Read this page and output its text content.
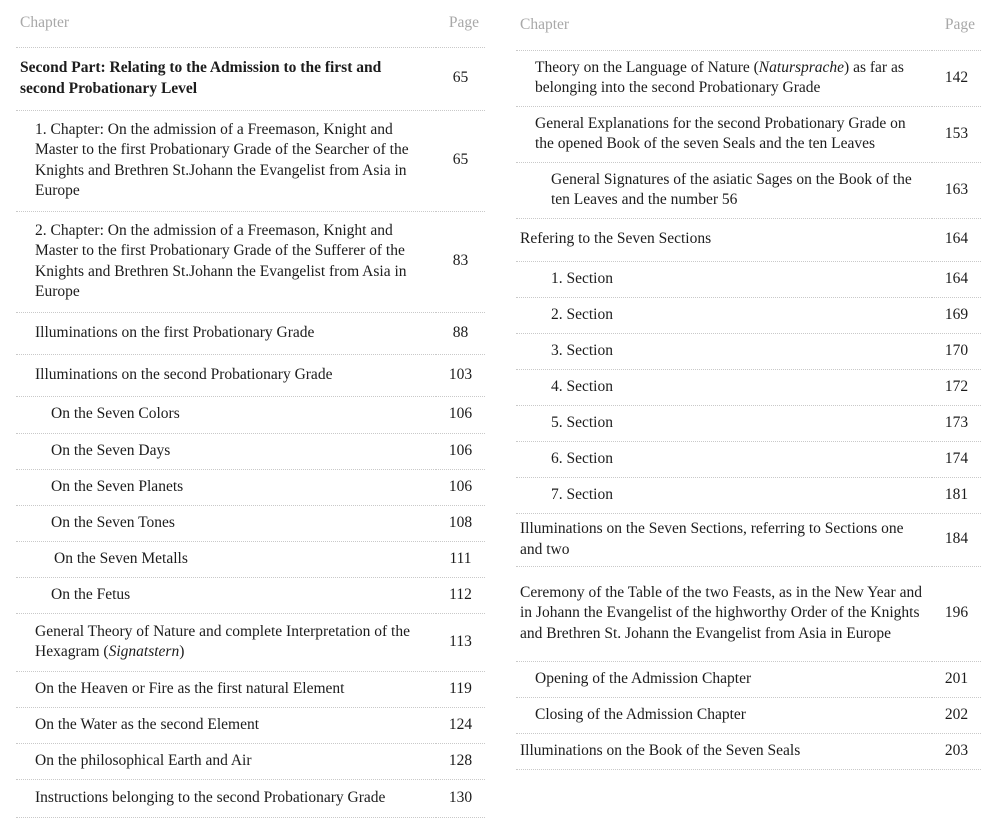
Chapter	Page
Second Part: Relating to the Admission to the first and second Probationary Level	65
1. Chapter: On the admission of a Freemason, Knight and Master to the first Probationary Grade of the Searcher of the Knights and Brethren St.Johann the Evangelist from Asia in Europe	65
2. Chapter: On the admission of a Freemason, Knight and Master to the first Probationary Grade of the Sufferer of the Knights and Brethren St.Johann the Evangelist from Asia in Europe	83
Illuminations on the first Probationary Grade	88
Illuminations on the second Probationary Grade	103
On the Seven Colors	106
On the Seven Days	106
On the Seven Planets	106
On the Seven Tones	108
On the Seven Metalls	111
On the Fetus	112
General Theory of Nature and complete Interpretation of the Hexagram (Signatstern)	113
On the Heaven or Fire as the first natural Element	119
On the Water as the second Element	124
On the philosophical Earth and Air	128
Instructions belonging to the second Probationary Grade	130
Chapter	Page
Theory on the Language of Nature (Natursprache) as far as belonging into the second Probationary Grade	142
General Explanations for the second Probationary Grade on the opened Book of the seven Seals and the ten Leaves	153
General Signatures of the asiatic Sages on the Book of the ten Leaves and the number 56	163
Refering to the Seven Sections	164
1. Section	164
2. Section	169
3. Section	170
4. Section	172
5. Section	173
6. Section	174
7. Section	181
Illuminations on the Seven Sections, referring to Sections one and two	184
Ceremony of the Table of the two Feasts, as in the New Year and in Johann the Evangelist of the highworthy Order of the Knights and Brethren St. Johann the Evangelist from Asia in Europe	196
Opening of the Admission Chapter	201
Closing of the Admission Chapter	202
Illuminations on the Book of the Seven Seals	203
